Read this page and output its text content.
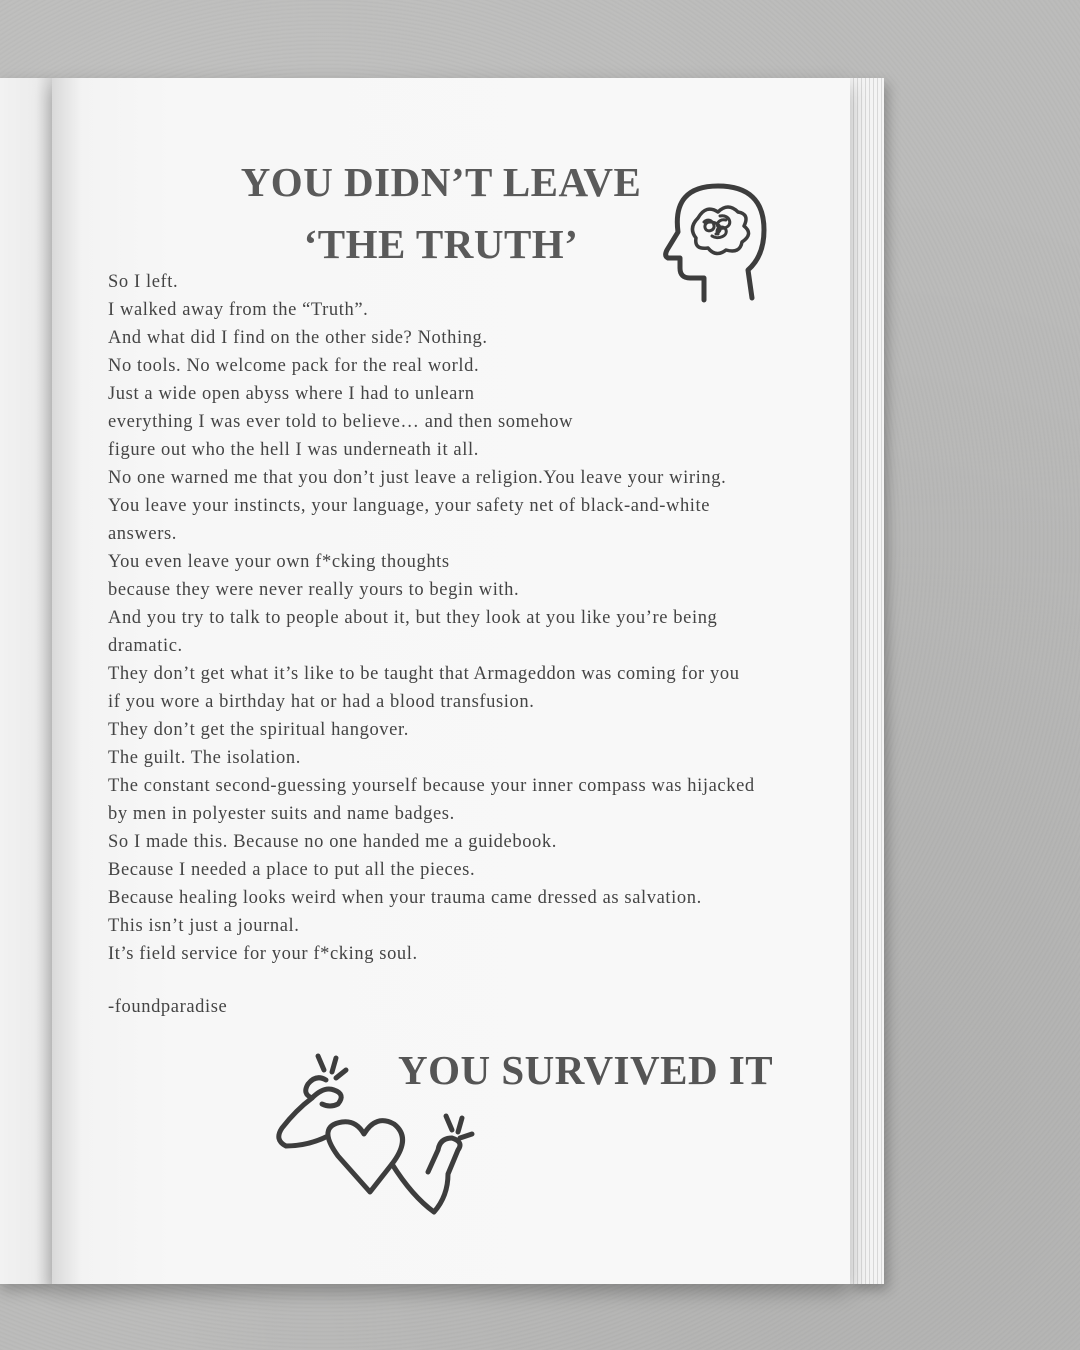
YOU DIDN’T LEAVE
‘THE TRUTH’
So I left.
I walked away from the “Truth”.
And what did I find on the other side? Nothing.
No tools. No welcome pack for the real world.
Just a wide open abyss where I had to unlearn
everything I was ever told to believe… and then somehow
figure out who the hell I was underneath it all.
No one warned me that you don’t just leave a religion.You leave your wiring.
You leave your instincts, your language, your safety net of black-and-white
answers.
You even leave your own f*cking thoughts
because they were never really yours to begin with.
And you try to talk to people about it, but they look at you like you’re being
dramatic.
They don’t get what it’s like to be taught that Armageddon was coming for you
if you wore a birthday hat or had a blood transfusion.
They don’t get the spiritual hangover.
The guilt. The isolation.
The constant second-guessing yourself because your inner compass was hijacked
by men in polyester suits and name badges.
So I made this. Because no one handed me a guidebook.
Because I needed a place to put all the pieces.
Because healing looks weird when your trauma came dressed as salvation.
This isn’t just a journal.
It’s field service for your f*cking soul.

-foundparadise

YOU SURVIVED IT
